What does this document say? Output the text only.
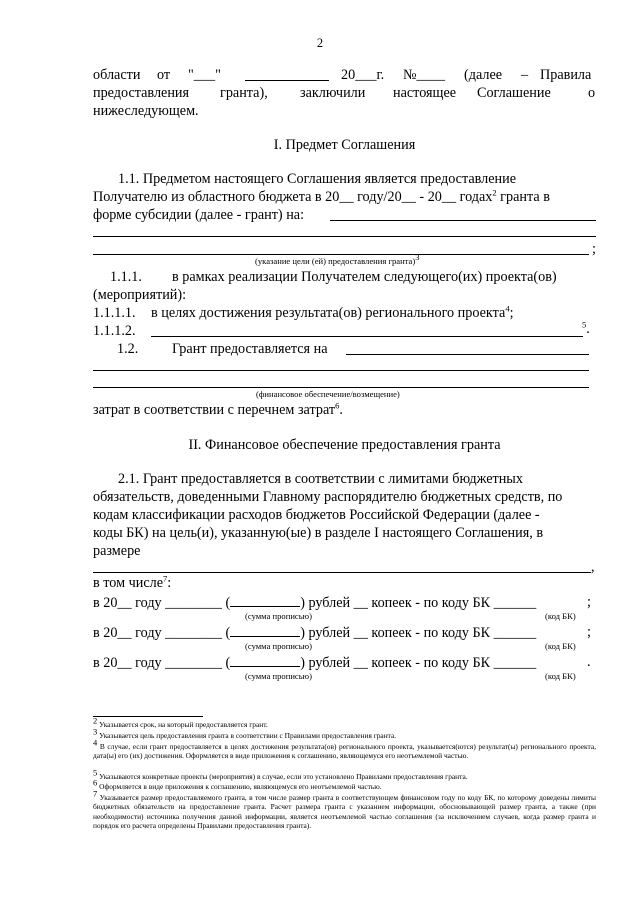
2
области от "___"	20___г. №____ (далее – Правила
предоставления гранта), заключили настоящее Соглашение	о
нижеследующем.
I. Предмет Соглашения
1.1. Предметом настоящего Соглашения является предоставление
Получателю из областного бюджета в 20__ году/20__ - 20__ годах$^2$ гранта в
форме субсидии (далее - грант) на:
;
(указание цели (ей) предоставления гранта)$^3$
1.1.1. в рамках реализации Получателем следующего(их) проекта(ов)
(мероприятий):
1.1.1.1. в целях достижения результата(ов) регионального проекта$^4$;
1.1.1.2.	$^5$.
1.2. Грант предоставляется на
(финансовое обеспечение/возмещение)
затрат в соответствии с перечнем затрат$^6$.
II. Финансовое обеспечение предоставления гранта
2.1. Грант предоставляется в соответствии с лимитами бюджетных
обязательств, доведенными Главному распорядителю бюджетных средств, по
кодам классификации расходов бюджетов Российской Федерации (далее -
коды БК) на цель(и), указанную(ые) в разделе I настоящего Соглашения, в
размере
,
в том числе$^7$:
в 20__ году ________ (	) рублей __ копеек - по коду БК ______	;
(сумма прописью)	(код БК)
в 20__ году ________ (	) рублей __ копеек - по коду БК ______	;
(сумма прописью)	(код БК)
в 20__ году ________ (	) рублей __ копеек - по коду БК ______	.
(сумма прописью)	(код БК)
$^2$ Указывается срок, на который предоставляется грант.
$^3$ Указывается цель предоставления гранта в соответствии с Правилами предоставления гранта.
$^4$ В случае, если грант предоставляется в целях достижения результата(ов) регионального проекта, указывается(ются) результат(ы) регионального проекта, дата(ы) его (их) достижения. Оформляется в виде приложения к соглашению, являющемуся его неотъемлемой частью.
$^5$ Указываются конкретные проекты (мероприятия) в случае, если это установлено Правилами предоставления гранта.
$^6$ Оформляется в виде приложения к соглашению, являющемуся его неотъемлемой частью.
$^7$ Указывается размер предоставляемого гранта, в том числе размер гранта в соответствующем финансовом году по коду БК, по которому доведены лимиты бюджетных обязательств на предоставление гранта. Расчет размера гранта с указанием информации, обосновывающей размер гранта, а также (при необходимости) источника получения данной информации, является неотъемлемой частью соглашения (за исключением случаев, когда размер гранта и порядок его расчета определены Правилами предоставления гранта).
